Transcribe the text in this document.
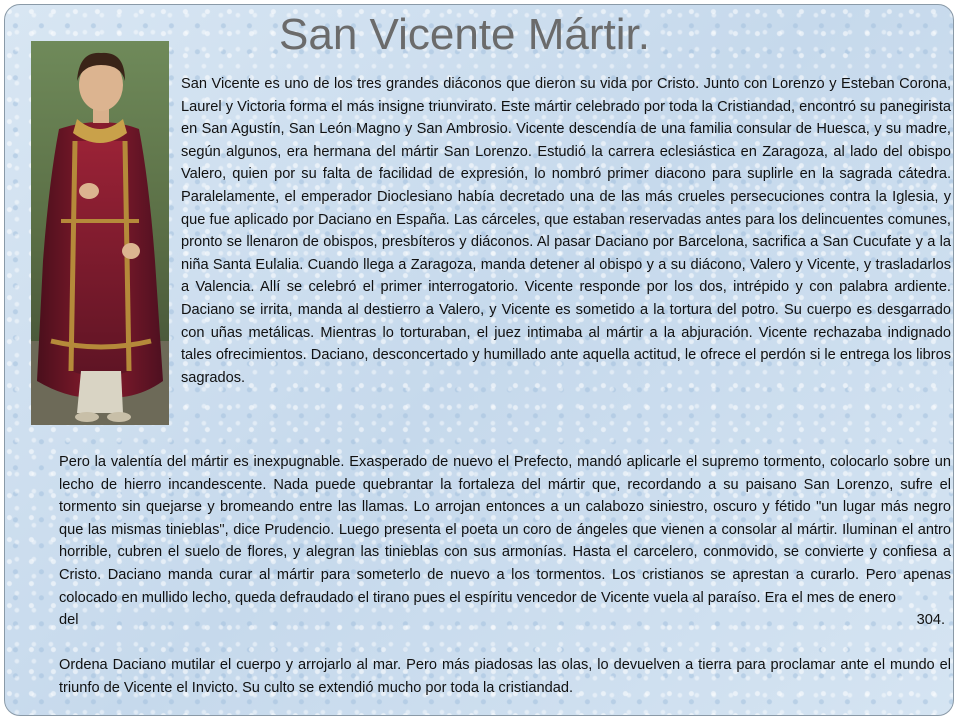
San Vicente Mártir.

San Vicente es uno de los tres grandes diáconos que dieron su vida por Cristo. Junto con Lorenzo y Esteban Corona, Laurel y Victoria forma el más insigne triunvirato. Este mártir celebrado por toda la Cristiandad, encontró su panegirista en San Agustín, San León Magno y San Ambrosio. Vicente descendía de una familia consular de Huesca, y su madre, según algunos, era hermana del mártir San Lorenzo. Estudió la carrera eclesiástica en Zaragoza, al lado del obispo Valero, quien por su falta de facilidad de expresión, lo nombró primer diacono para suplirle en la sagrada cátedra. Paralelamente, el emperador Dioclesiano había decretado una de las más crueles persecuciones contra la Iglesia, y que fue aplicado por Daciano en España. Las cárceles, que estaban reservadas antes para los delincuentes comunes, pronto se llenaron de obispos, presbíteros y diáconos. Al pasar Daciano por Barcelona, sacrifica a San Cucufate y a la niña Santa Eulalia. Cuando llega a Zaragoza, manda detener al obispo y a su diácono, Valero y Vicente, y trasladarlos a Valencia. Allí se celebró el primer interrogatorio. Vicente responde por los dos, intrépido y con palabra ardiente. Daciano se irrita, manda al destierro a Valero, y Vicente es sometido a la tortura del potro. Su cuerpo es desgarrado con uñas metálicas. Mientras lo torturaban, el juez intimaba al mártir a la abjuración. Vicente rechazaba indignado tales ofrecimientos. Daciano, desconcertado y humillado ante aquella actitud, le ofrece el perdón si le entrega los libros sagrados.

Pero la valentía del mártir es inexpugnable. Exasperado de nuevo el Prefecto, mandó aplicarle el supremo tormento, colocarlo sobre un lecho de hierro incandescente. Nada puede quebrantar la fortaleza del mártir que, recordando a su paisano San Lorenzo, sufre el tormento sin quejarse y bromeando entre las llamas. Lo arrojan entonces a un calabozo siniestro, oscuro y fétido "un lugar más negro que las mismas tinieblas", dice Prudencio. Luego presenta el poeta un coro de ángeles que vienen a consolar al mártir. Iluminan el antro horrible, cubren el suelo de flores, y alegran las tinieblas con sus armonías. Hasta el carcelero, conmovido, se convierte y confiesa a Cristo. Daciano manda curar al mártir para someterlo de nuevo a los tormentos. Los cristianos se aprestan a curarlo. Pero apenas colocado en mullido lecho, queda defraudado el tirano pues el espíritu vencedor de Vicente vuela al paraíso. Era el mes de enero
del	304.

Ordena Daciano mutilar el cuerpo y arrojarlo al mar. Pero más piadosas las olas, lo devuelven a tierra para proclamar ante el mundo el triunfo de Vicente el Invicto. Su culto se extendió mucho por toda la cristiandad.
